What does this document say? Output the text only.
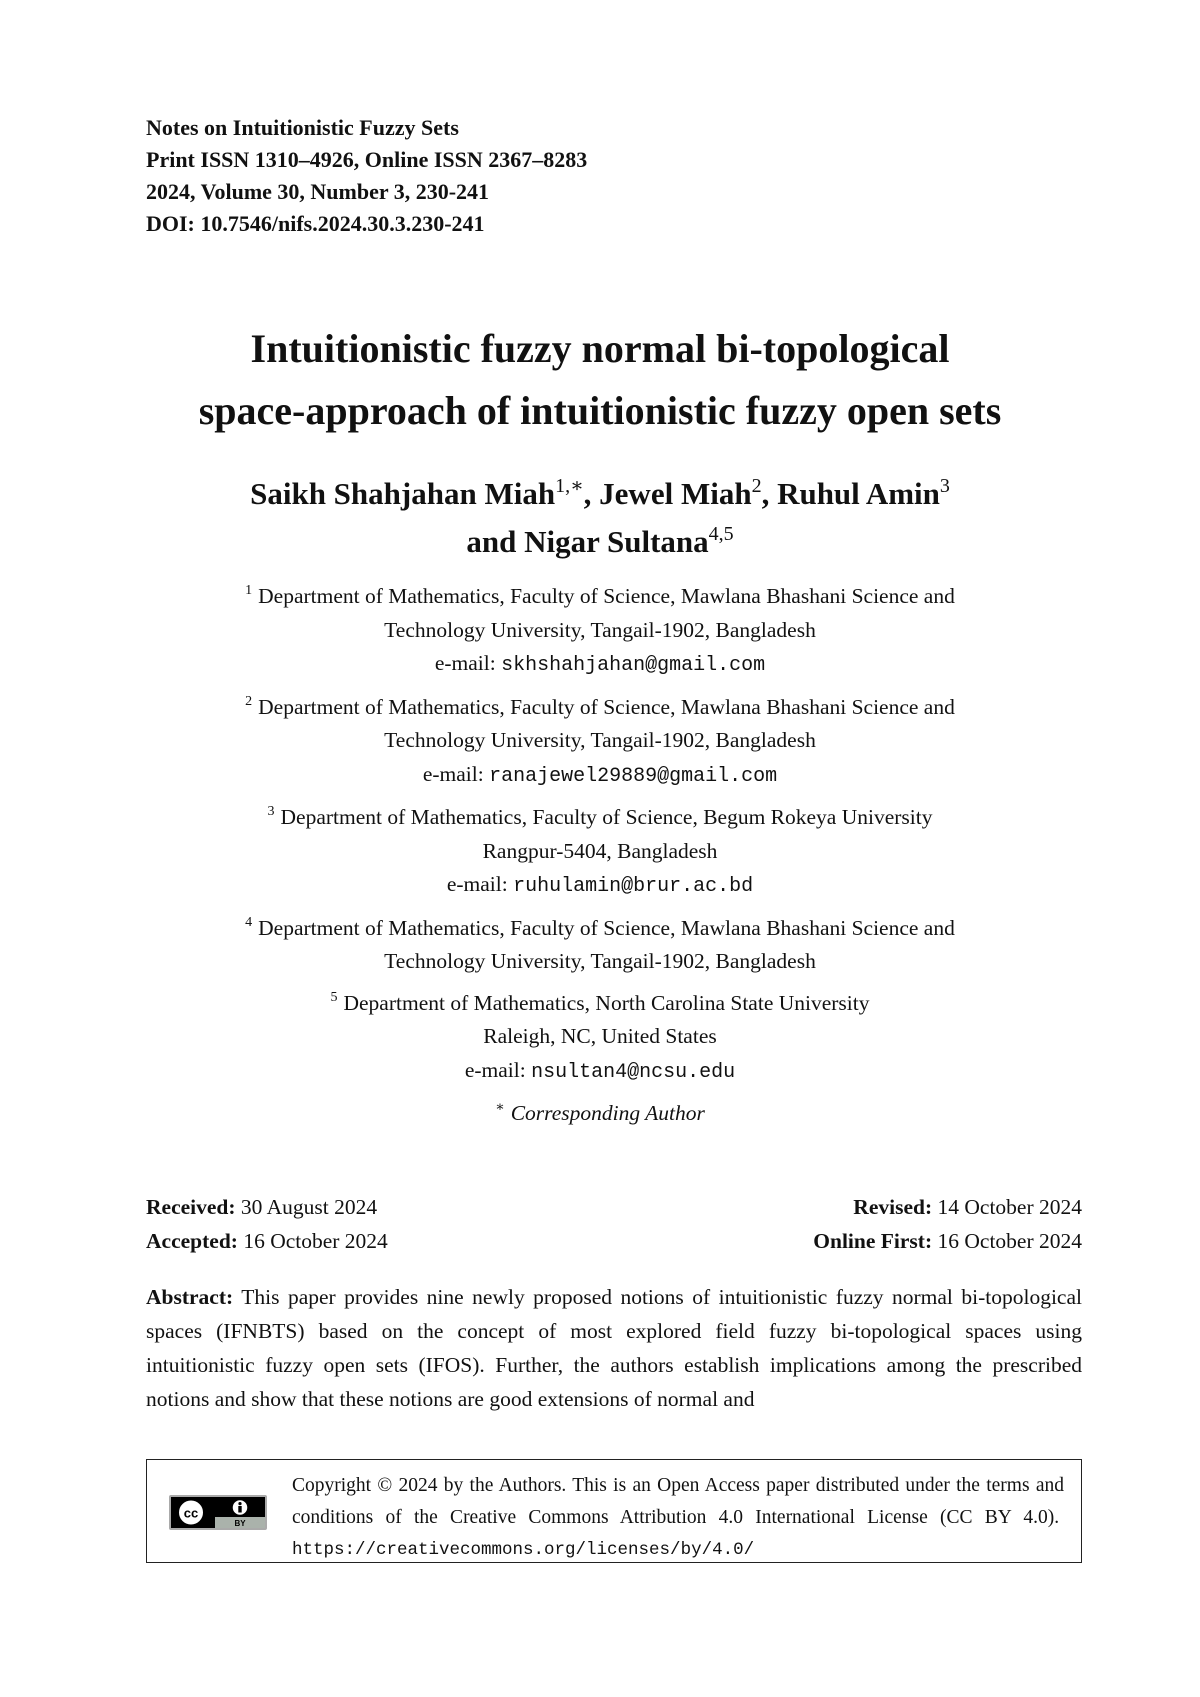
Notes on Intuitionistic Fuzzy Sets
Print ISSN 1310–4926, Online ISSN 2367–8283
2024, Volume 30, Number 3, 230-241
DOI: 10.7546/nifs.2024.30.3.230-241
Intuitionistic fuzzy normal bi-topological
space-approach of intuitionistic fuzzy open sets
Saikh Shahjahan Miah$^{1,∗}$, Jewel Miah$^2$, Ruhul Amin$^3$
and Nigar Sultana$^{4,5}$
$^1$ Department of Mathematics, Faculty of Science, Mawlana Bhashani Science and
Technology University, Tangail-1902, Bangladesh
e-mail: skhshahjahan@gmail.com
$^2$ Department of Mathematics, Faculty of Science, Mawlana Bhashani Science and
Technology University, Tangail-1902, Bangladesh
e-mail: ranajewel29889@gmail.com
$^3$ Department of Mathematics, Faculty of Science, Begum Rokeya University
Rangpur-5404, Bangladesh
e-mail: ruhulamin@brur.ac.bd
$^4$ Department of Mathematics, Faculty of Science, Mawlana Bhashani Science and
Technology University, Tangail-1902, Bangladesh
$^5$ Department of Mathematics, North Carolina State University
Raleigh, NC, United States
e-mail: nsultan4@ncsu.edu
∗ Corresponding Author
Received: 30 August 2024	Revised: 14 October 2024
Accepted: 16 October 2024	Online First: 16 October 2024
Abstract: This paper provides nine newly proposed notions of intuitionistic fuzzy normal bi-topological spaces (IFNBTS) based on the concept of most explored field fuzzy bi-topological spaces using intuitionistic fuzzy open sets (IFOS). Further, the authors establish implications among the prescribed notions and show that these notions are good extensions of normal and
cc
BY
Copyright © 2024 by the Authors. This is an Open Access paper distributed under the terms and conditions of the Creative Commons Attribution 4.0 International License (CC BY 4.0).  https://creativecommons.org/licenses/by/4.0/
